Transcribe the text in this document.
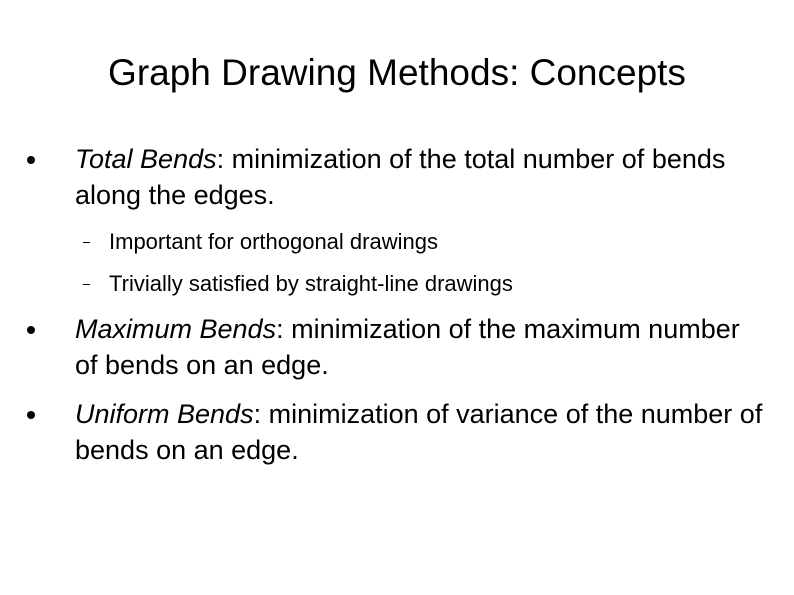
Graph Drawing Methods: Concepts
Total Bends: minimization of the total number of bends along the edges.
Important for orthogonal drawings
Trivially satisfied by straight-line drawings
Maximum Bends: minimization of the maximum number of bends on an edge.
Uniform Bends: minimization of variance of the number of bends on an edge.
